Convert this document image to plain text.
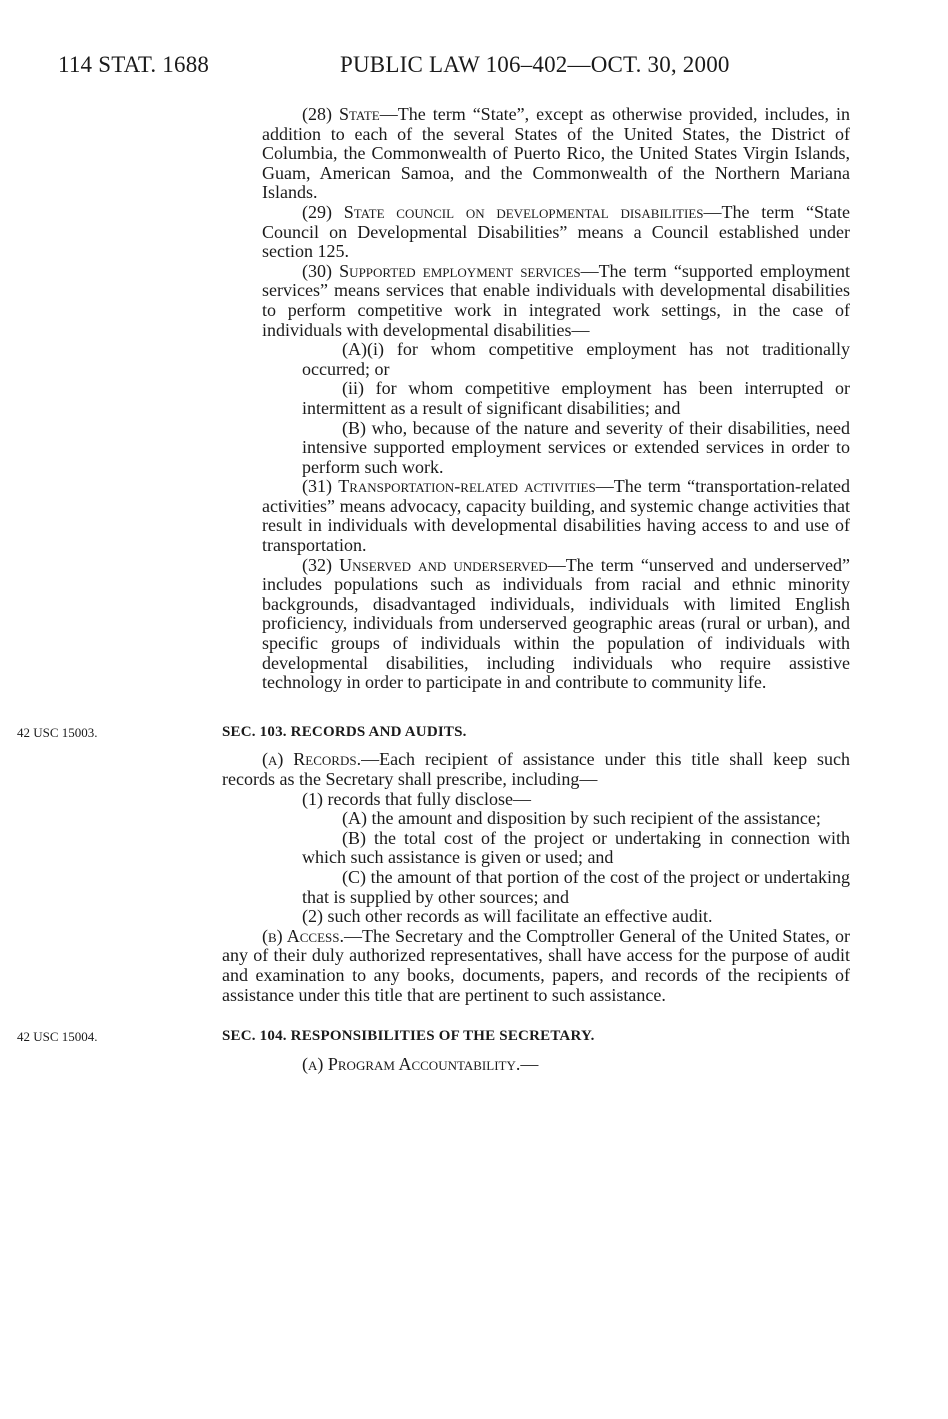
114 STAT. 1688	PUBLIC LAW 106–402—OCT. 30, 2000

(28) State—The term “State”, except as otherwise provided, includes, in addition to each of the several States of the United States, the District of Columbia, the Commonwealth of Puerto Rico, the United States Virgin Islands, Guam, American Samoa, and the Commonwealth of the Northern Mariana Islands.

(29) State council on developmental disabilities—The term “State Council on Developmental Disabilities” means a Council established under section 125.

(30) Supported employment services—The term “supported employment services” means services that enable individuals with developmental disabilities to perform competitive work in integrated work settings, in the case of individuals with developmental disabilities—

(A)(i) for whom competitive employment has not traditionally occurred; or

(ii) for whom competitive employment has been interrupted or intermittent as a result of significant disabilities; and

(B) who, because of the nature and severity of their disabilities, need intensive supported employment services or extended services in order to perform such work.

(31) Transportation-related activities—The term “transportation-related activities” means advocacy, capacity building, and systemic change activities that result in individuals with developmental disabilities having access to and use of transportation.

(32) Unserved and underserved—The term “unserved and underserved” includes populations such as individuals from racial and ethnic minority backgrounds, disadvantaged individuals, individuals with limited English proficiency, individuals from underserved geographic areas (rural or urban), and specific groups of individuals within the population of individuals with developmental disabilities, including individuals who require assistive technology in order to participate in and contribute to community life.

42 USC 15003.	SEC. 103. RECORDS AND AUDITS.

(a) Records.—Each recipient of assistance under this title shall keep such records as the Secretary shall prescribe, including—

(1) records that fully disclose—

(A) the amount and disposition by such recipient of the assistance;

(B) the total cost of the project or undertaking in connection with which such assistance is given or used; and

(C) the amount of that portion of the cost of the project or undertaking that is supplied by other sources; and

(2) such other records as will facilitate an effective audit.

(b) Access.—The Secretary and the Comptroller General of the United States, or any of their duly authorized representatives, shall have access for the purpose of audit and examination to any books, documents, papers, and records of the recipients of assistance under this title that are pertinent to such assistance.

42 USC 15004.	SEC. 104. RESPONSIBILITIES OF THE SECRETARY.

(a) Program Accountability.—
